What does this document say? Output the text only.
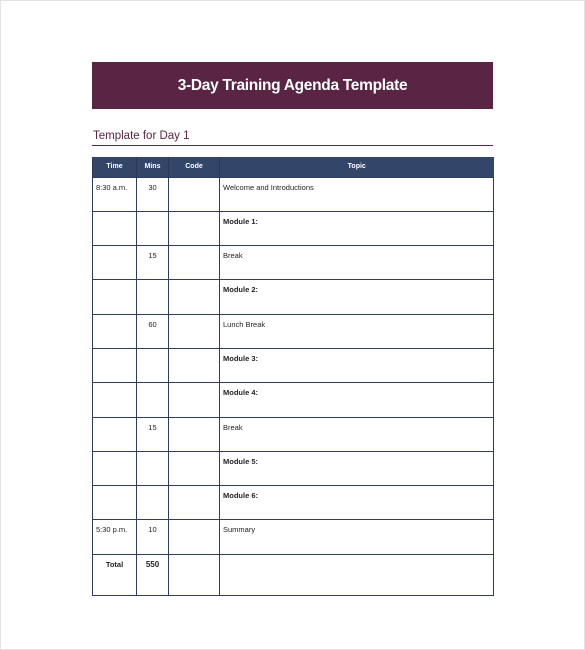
3-Day Training Agenda Template
Template for Day 1
Time	Mins	Code	Topic
8:30 a.m.	30		Welcome and Introductions
			Module 1:
	15		Break
			Module 2:
	60		Lunch Break
			Module 3:
			Module 4:
	15		Break
			Module 5:
			Module 6:
5:30 p.m.	10		Summary
Total	550		
